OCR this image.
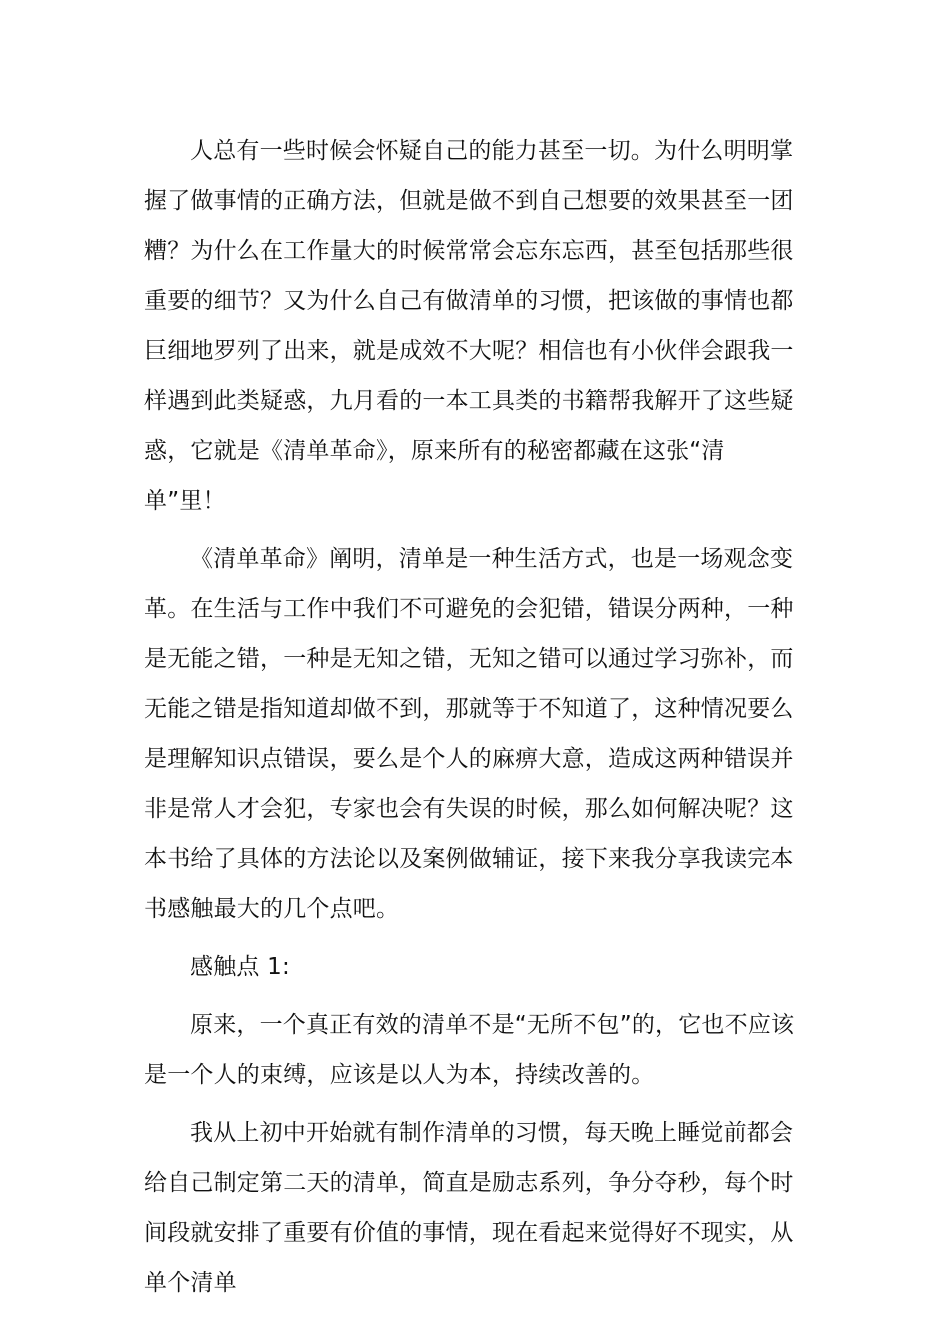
人总有一些时候会怀疑自己的能力甚至一切。为什么明明掌握了做事情的正确方法，但就是做不到自己想要的效果甚至一团糟？为什么在工作量大的时候常常会忘东忘西，甚至包括那些很重要的细节？又为什么自己有做清单的习惯，把该做的事情也都巨细地罗列了出来，就是成效不大呢？相信也有小伙伴会跟我一样遇到此类疑惑，九月看的一本工具类的书籍帮我解开了这些疑惑，它就是《清单革命》，原来所有的秘密都藏在这张“清单”里！

《清单革命》阐明，清单是一种生活方式，也是一场观念变革。在生活与工作中我们不可避免的会犯错，错误分两种，一种是无能之错，一种是无知之错，无知之错可以通过学习弥补，而无能之错是指知道却做不到，那就等于不知道了，这种情况要么是理解知识点错误，要么是个人的麻痹大意，造成这两种错误并非是常人才会犯，专家也会有失误的时候，那么如何解决呢？这本书给了具体的方法论以及案例做辅证，接下来我分享我读完本书感触最大的几个点吧。

感触点 1:

原来，一个真正有效的清单不是“无所不包”的，它也不应该是一个人的束缚，应该是以人为本，持续改善的。

我从上初中开始就有制作清单的习惯，每天晚上睡觉前都会给自己制定第二天的清单，简直是励志系列，争分夺秒，每个时间段就安排了重要有价值的事情，现在看起来觉得好不现实，从单个清单
